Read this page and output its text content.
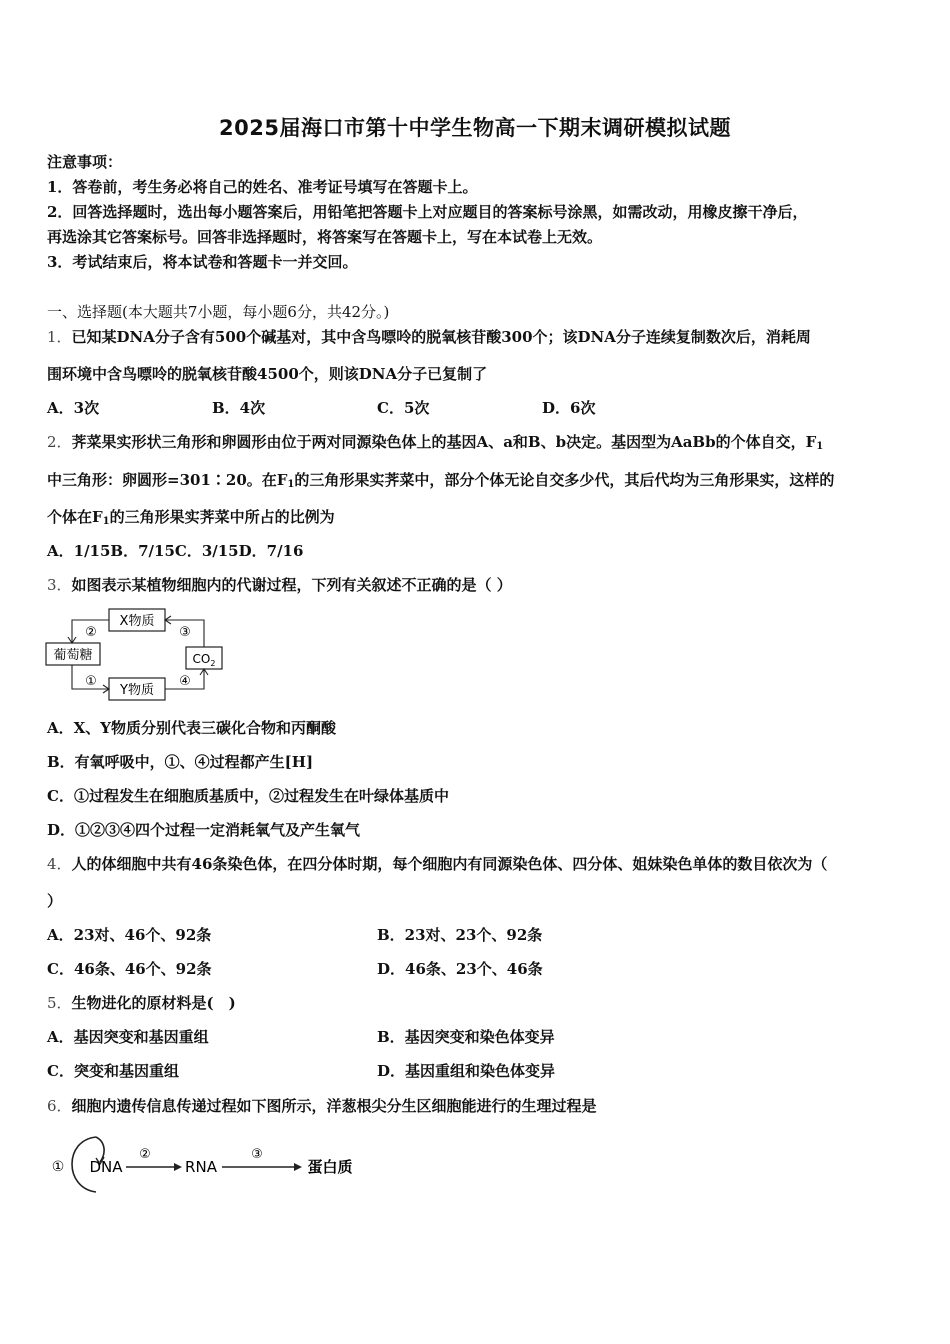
2025届海口市第十中学生物高一下期末调研模拟试题
注意事项：
1．答卷前，考生务必将自己的姓名、准考证号填写在答题卡上。
2．回答选择题时，选出每小题答案后，用铅笔把答题卡上对应题目的答案标号涂黑，如需改动，用橡皮擦干净后，
再选涂其它答案标号。回答非选择题时，将答案写在答题卡上，写在本试卷上无效。
3．考试结束后，将本试卷和答题卡一并交回。
一、选择题(本大题共7小题，每小题6分，共42分。)
1．已知某DNA分子含有500个碱基对，其中含鸟嘌呤的脱氧核苷酸300个；该DNA分子连续复制数次后，消耗周
围环境中含鸟嘌呤的脱氧核苷酸4500个，则该DNA分子已复制了
A．3次	B．4次	C．5次	D．6次
2．荠菜果实形状三角形和卵圆形由位于两对同源染色体上的基因A、a和B、b决定。基因型为AaBb的个体自交，$F_1$
中三角形：卵圆形=301∶20。在$F_1$的三角形果实荠菜中，部分个体无论自交多少代，其后代均为三角形果实，这样的
个体在$F_1$的三角形果实荠菜中所占的比例为
A．1/15B．7/15C．3/15D．7/16
3．如图表示某植物细胞内的代谢过程，下列有关叙述不正确的是（ ）
X物质
葡萄糖	$CO_2$
Y物质
②	③
①	④
A．X、Y物质分别代表三碳化合物和丙酮酸
B．有氧呼吸中，①、④过程都产生[H]
C．①过程发生在细胞质基质中，②过程发生在叶绿体基质中
D．①②③④四个过程一定消耗氧气及产生氧气
4．人的体细胞中共有46条染色体，在四分体时期，每个细胞内有同源染色体、四分体、姐妹染色单体的数目依次为（
）
A．23对、46个、92条	B．23对、23个、92条
C．46条、46个、92条	D．46条、23个、46条
5．生物进化的原材料是(　)
A．基因突变和基因重组	B．基因突变和染色体变异
C．突变和基因重组	D．基因重组和染色体变异
6．细胞内遗传信息传递过程如下图所示，洋葱根尖分生区细胞能进行的生理过程是
① DNA
②
RNA
③
蛋白质
